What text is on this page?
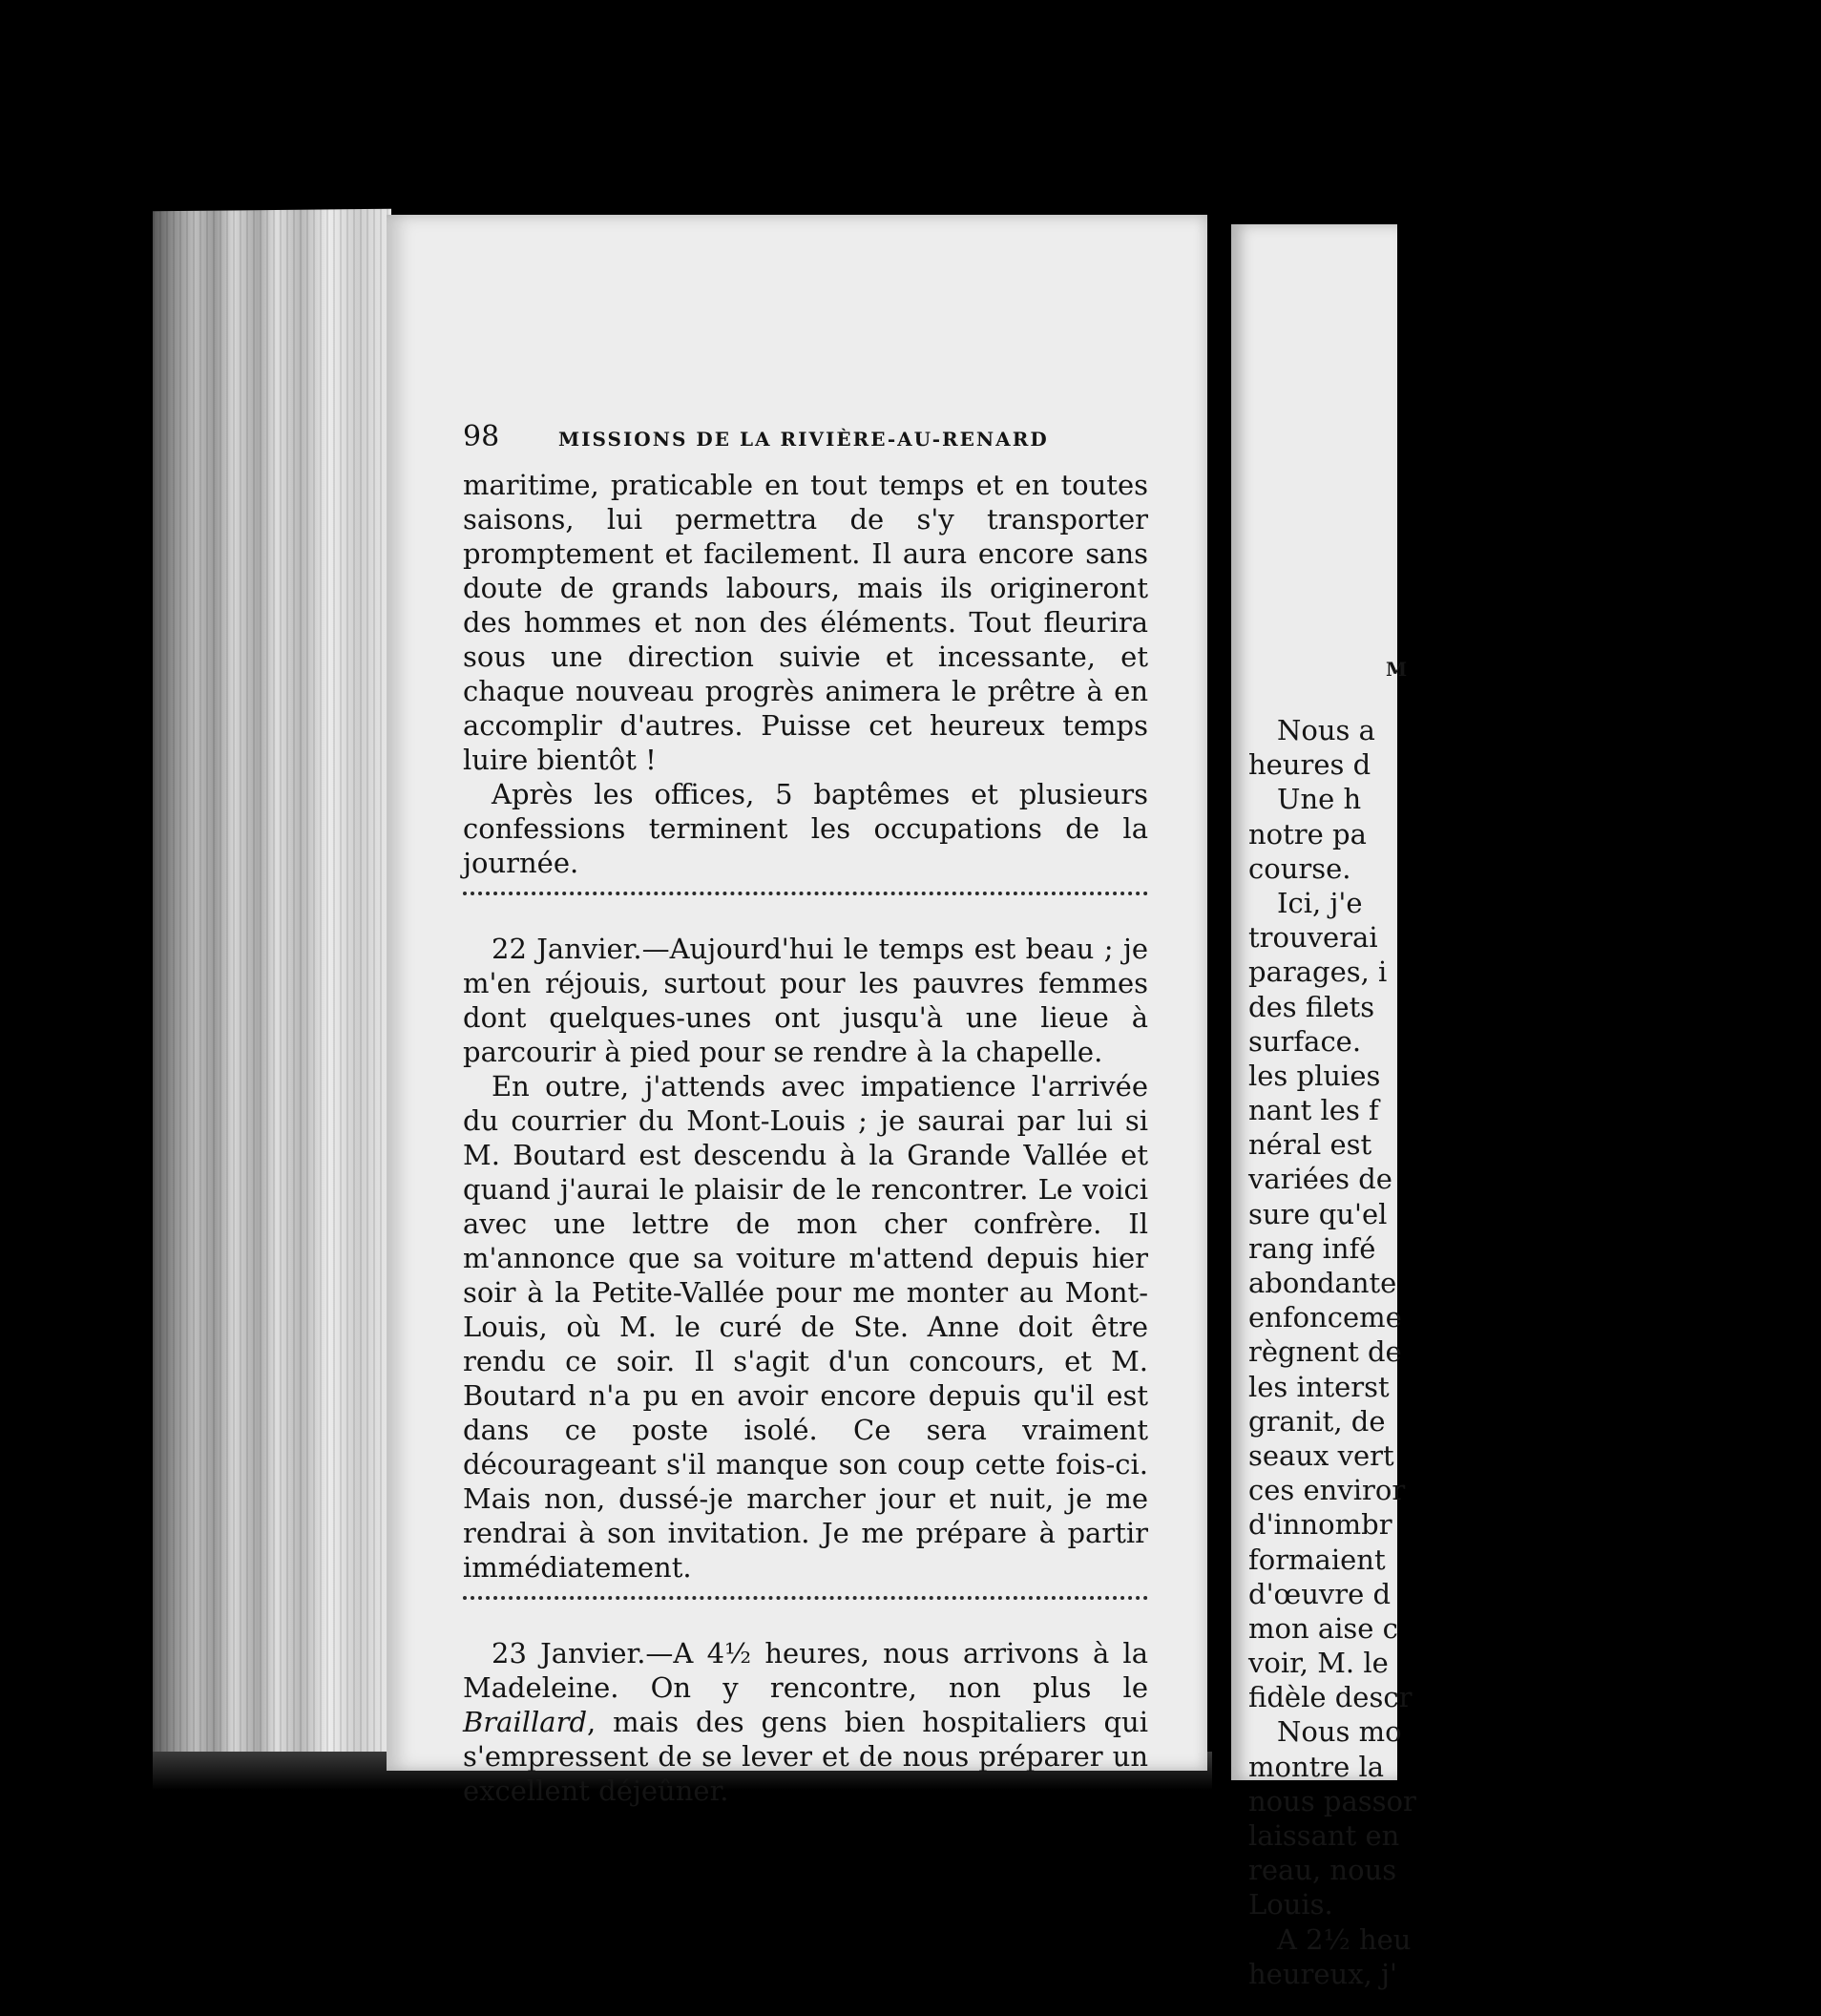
98	MISSIONS DE LA RIVIÈRE-AU-RENARD

maritime, praticable en tout temps et en toutes saisons, lui permettra de s'y transporter promptement et facilement. Il aura encore sans doute de grands labours, mais ils origineront des hommes et non des éléments. Tout fleurira sous une direction suivie et incessante, et chaque nouveau progrès animera le prêtre à en accomplir d'autres. Puisse cet heureux temps luire bientôt !

Après les offices, 5 baptêmes et plusieurs confessions terminent les occupations de la journée.

22 Janvier.—Aujourd'hui le temps est beau ; je m'en réjouis, surtout pour les pauvres femmes dont quelques-unes ont jusqu'à une lieue à parcourir à pied pour se rendre à la chapelle.

En outre, j'attends avec impatience l'arrivée du courrier du Mont-Louis ; je saurai par lui si M. Boutard est descendu à la Grande Vallée et quand j'aurai le plaisir de le rencontrer. Le voici avec une lettre de mon cher confrère. Il m'annonce que sa voiture m'attend depuis hier soir à la Petite-Vallée pour me monter au Mont-Louis, où M. le curé de Ste. Anne doit être rendu ce soir. Il s'agit d'un concours, et M. Boutard n'a pu en avoir encore depuis qu'il est dans ce poste isolé. Ce sera vraiment décourageant s'il manque son coup cette fois-ci. Mais non, dussé-je marcher jour et nuit, je me rendrai à son invitation. Je me prépare à partir immédiatement.

23 Janvier.—A 4½ heures, nous arrivons à la Madeleine. On y rencontre, non plus le Braillard, mais des gens bien hospitaliers qui s'empressent de se lever et de nous préparer un excellent déjeûner.

M
Nous a
heures d
Une h
notre pa
course.
Ici, j'e
trouverai
parages, i
des filets
surface.
les pluies
nant les f
néral est
variées de
sure qu'el
rang infé
abondante
enfonceme
règnent de
les interst
granit, de
seaux vert
ces enviror
d'innombr
formaient
d'œuvre d
mon aise c
voir, M. le
fidèle descr
Nous mo
montre la
nous passor
laissant en
reau, nous
Louis.
A 2½ heu
heureux, j'
